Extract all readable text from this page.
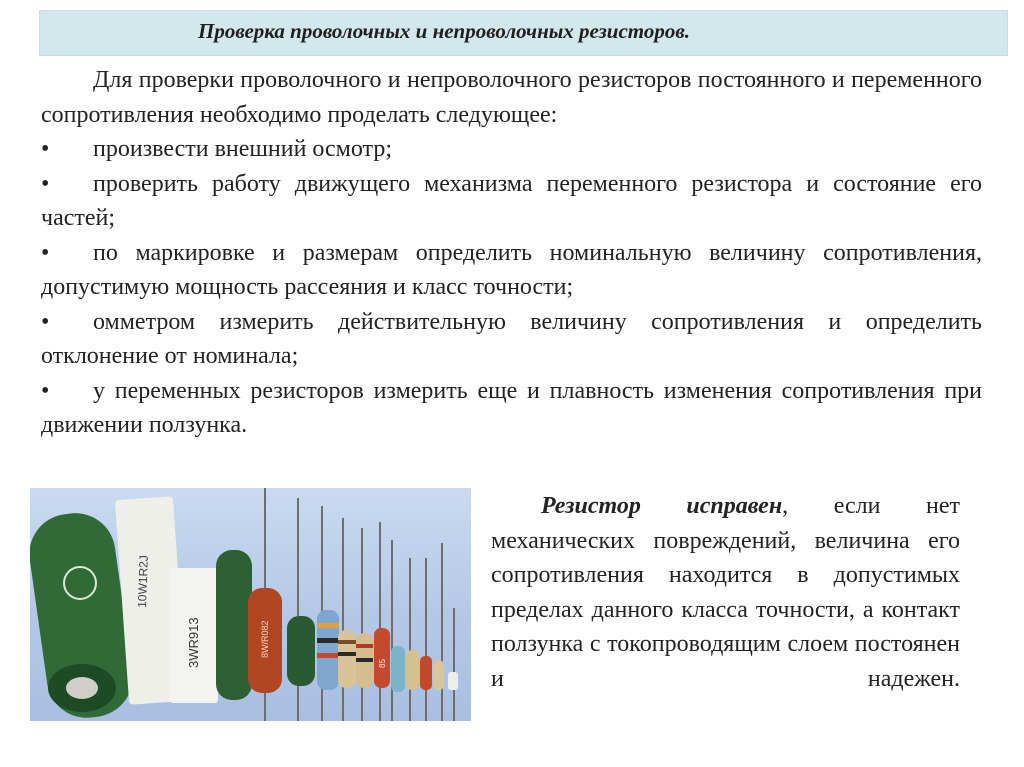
Проверка проволочных и непроволочных резисторов.

Для проверки проволочного и непроволочного резисторов постоянного и переменного сопротивления необходимо проделать следующее:

• произвести внешний осмотр;

• проверить работу движущего механизма переменного резистора и состояние его частей;

• по маркировке и размерам определить номинальную величину сопротивления, допустимую мощность рассеяния и класс точности;

• омметром измерить действительную величину сопротивления и определить отклонение от номинала;

• у переменных резисторов измерить еще и плавность изменения сопротивления при движении ползунка.

10W1R2J
3WR913	8W/R082
85
Резистор исправен, если нет механических повреждений, величина его сопротивления находится в допустимых пределах данного класса точности, а контакт ползунка с токопроводящим слоем постоянен и надежен.
